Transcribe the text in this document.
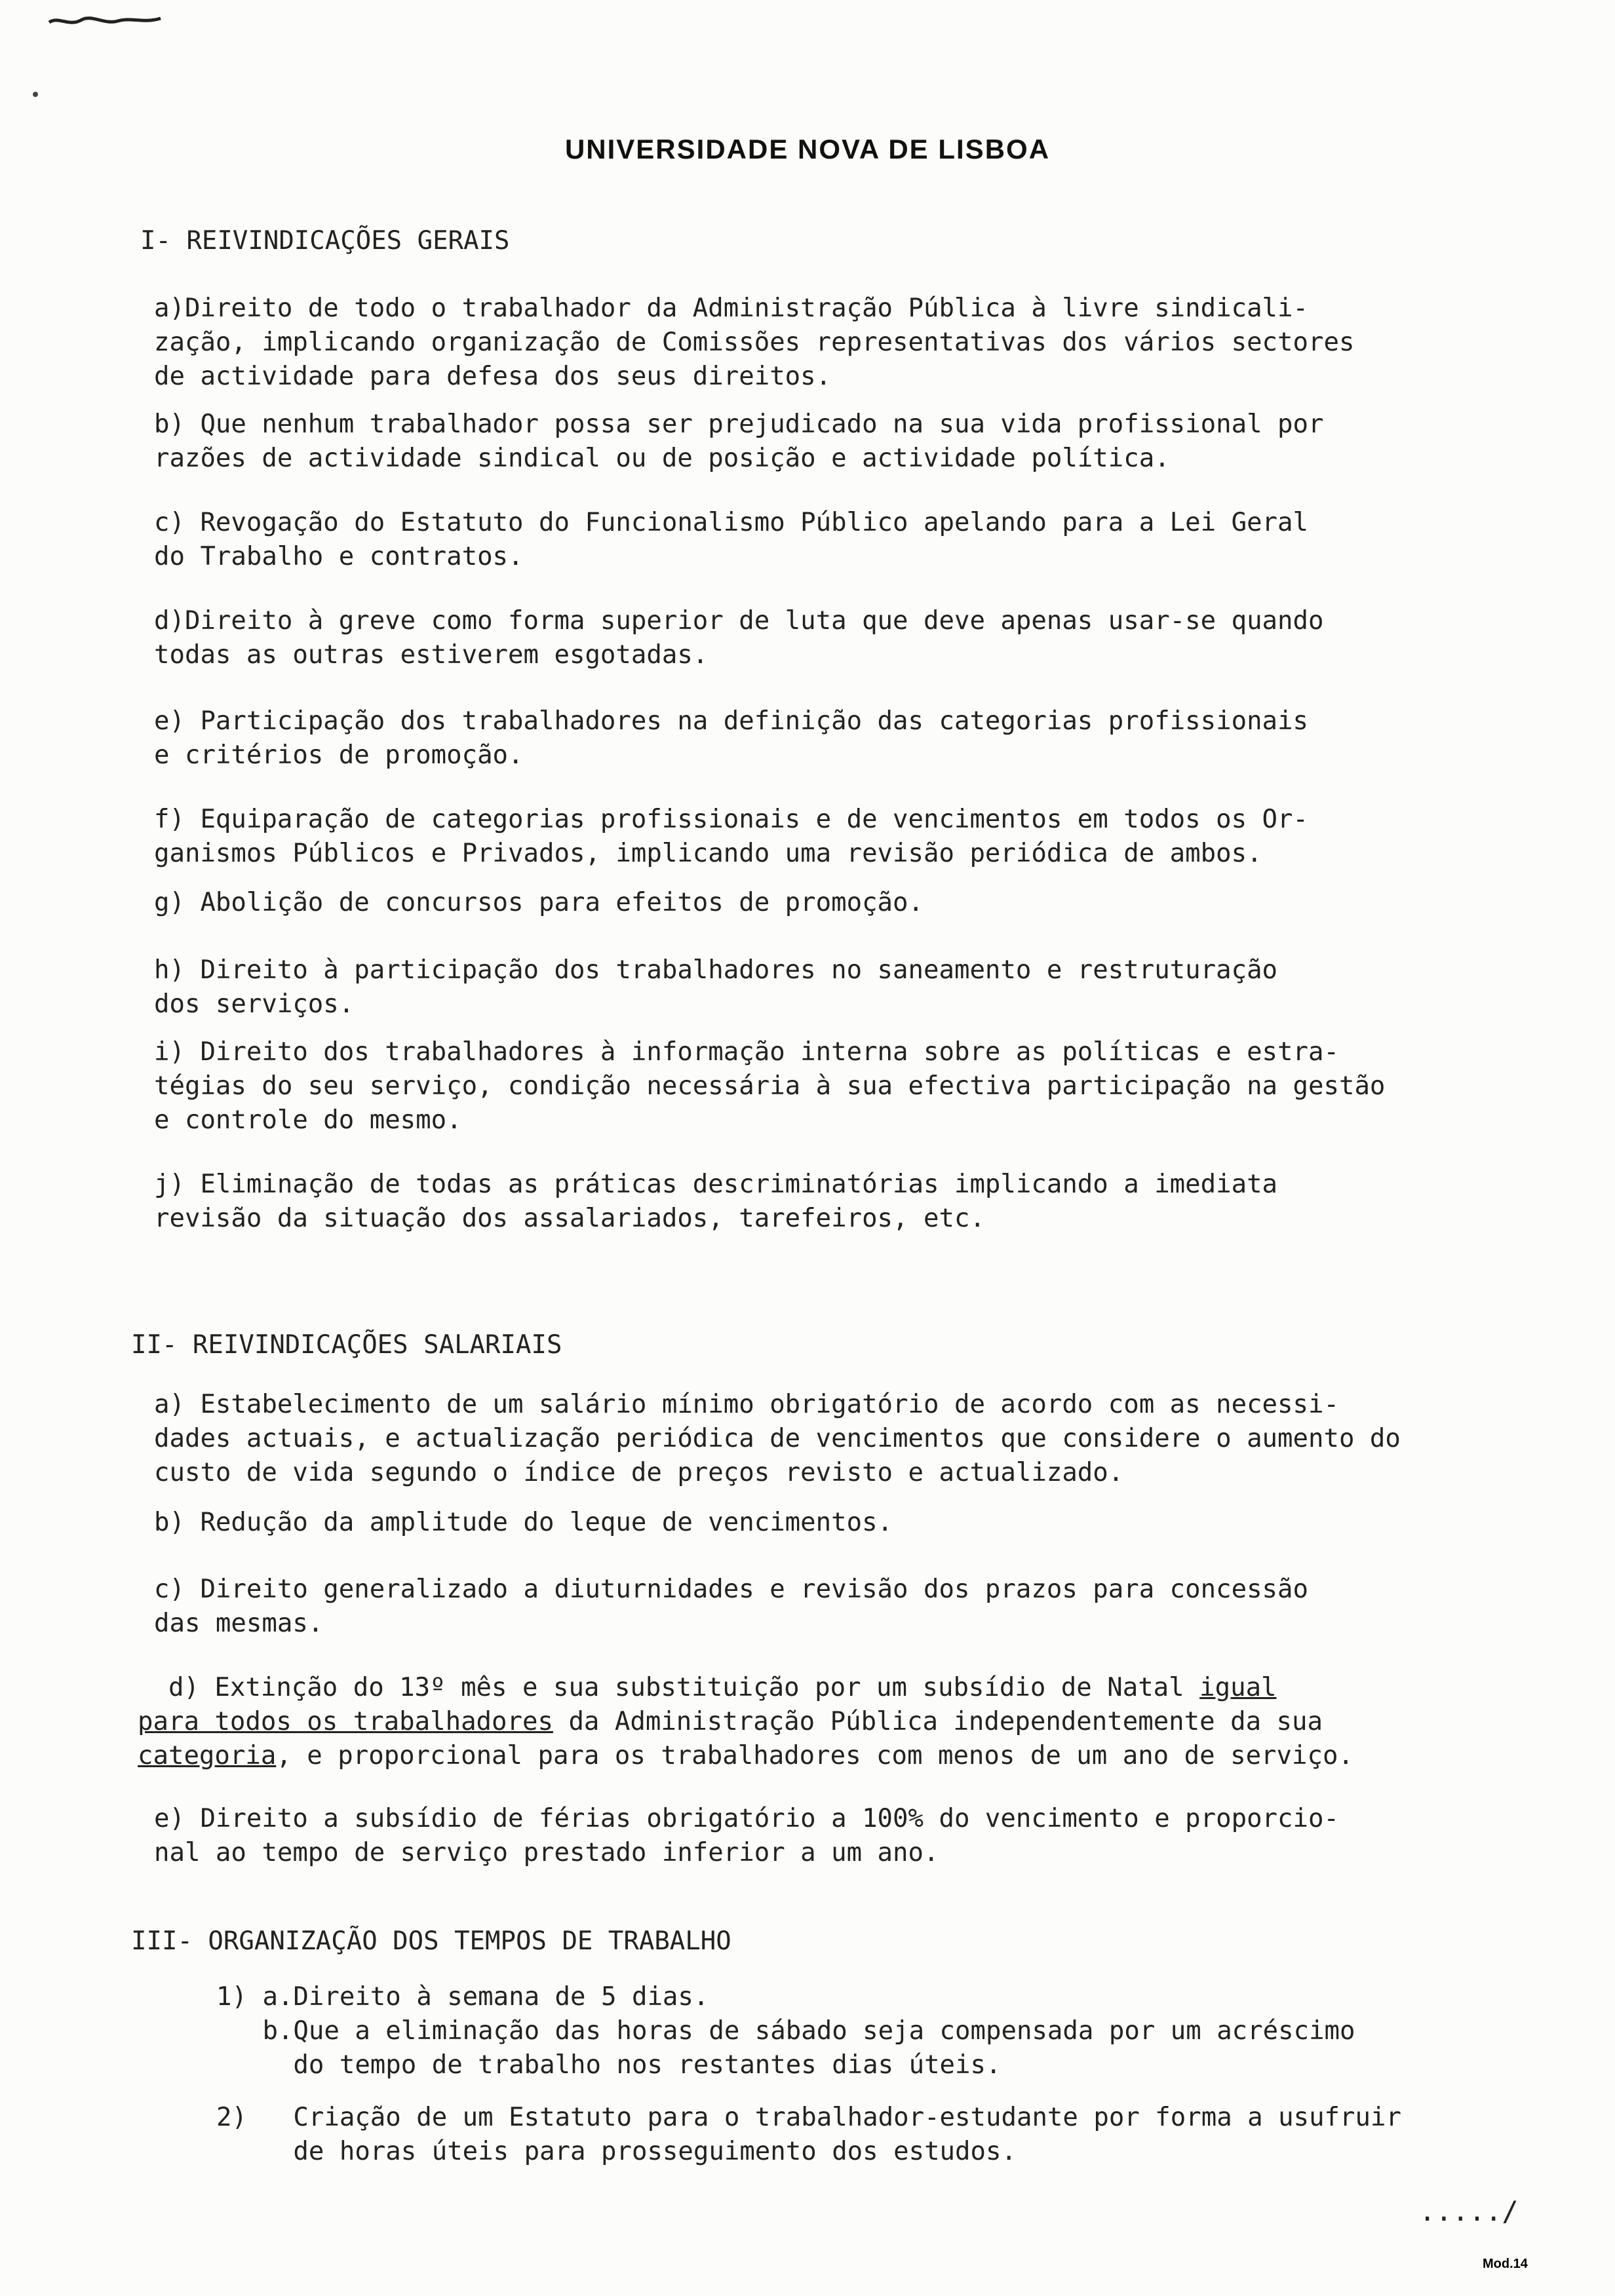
UNIVERSIDADE NOVA DE LISBOA
I- REIVINDICAÇÕES GERAIS
a)Direito de todo o trabalhador da Administração Pública à livre sindicali-
zação, implicando organização de Comissões representativas dos vários sectores
de actividade para defesa dos seus direitos.
b) Que nenhum trabalhador possa ser prejudicado na sua vida profissional por
razões de actividade sindical ou de posição e actividade política.
c) Revogação do Estatuto do Funcionalismo Público apelando para a Lei Geral
do Trabalho e contratos.
d)Direito à greve como forma superior de luta que deve apenas usar-se quando
todas as outras estiverem esgotadas.
e) Participação dos trabalhadores na definição das categorias profissionais
e critérios de promoção.
f) Equiparação de categorias profissionais e de vencimentos em todos os Or-
ganismos Públicos e Privados, implicando uma revisão periódica de ambos.
g) Abolição de concursos para efeitos de promoção.
h) Direito à participação dos trabalhadores no saneamento e restruturação
dos serviços.
i) Direito dos trabalhadores à informação interna sobre as políticas e estra-
tégias do seu serviço, condição necessária à sua efectiva participação na gestão
e controle do mesmo.
j) Eliminação de todas as práticas descriminatórias implicando a imediata
revisão da situação dos assalariados, tarefeiros, etc.
II- REIVINDICAÇÕES SALARIAIS
a) Estabelecimento de um salário mínimo obrigatório de acordo com as necessi-
dades actuais, e actualização periódica de vencimentos que considere o aumento do
custo de vida segundo o índice de preços revisto e actualizado.
b) Redução da amplitude do leque de vencimentos.
c) Direito generalizado a diuturnidades e revisão dos prazos para concessão
das mesmas.
d) Extinção do 13º mês e sua substituição por um subsídio de Natal igual
para todos os trabalhadores da Administração Pública independentemente da sua
categoria, e proporcional para os trabalhadores com menos de um ano de serviço.
e) Direito a subsídio de férias obrigatório a 100% do vencimento e proporcio-
nal ao tempo de serviço prestado inferior a um ano.
III- ORGANIZAÇÃO DOS TEMPOS DE TRABALHO
1) a.Direito à semana de 5 dias.
b.Que a eliminação das horas de sábado seja compensada por um acréscimo
do tempo de trabalho nos restantes dias úteis.
2)   Criação de um Estatuto para o trabalhador-estudante por forma a usufruir
de horas úteis para prosseguimento dos estudos.
...../
Mod.14
